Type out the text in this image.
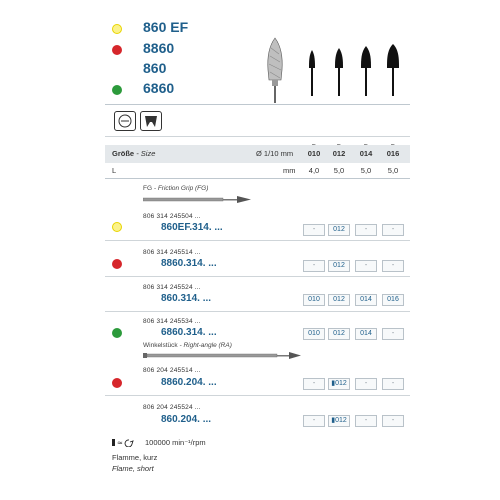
860 EF
8860
860
6860
Größe - Size	Ø 1/10 mm	010	012	014	016
L	mm	4,0	5,0	5,0	5,0
FG - Friction Grip (FG)
806 314 245504 ...
860EF.314. ...	-	012	-	-
806 314 245514 ...
8860.314. ...	-	012	-	-
806 314 245524 ...
860.314. ...	010	012	014	016
806 314 245534 ...
6860.314. ...	010	012	014	-
Winkelstück - Right-angle (RA)
806 204 245514 ...
8860.204. ...	-	▮012	-	-
806 204 245524 ...
860.204. ...	-	▮012	-	-
≈	100000 min⁻¹/rpm
Flamme, kurz
Flame, short
